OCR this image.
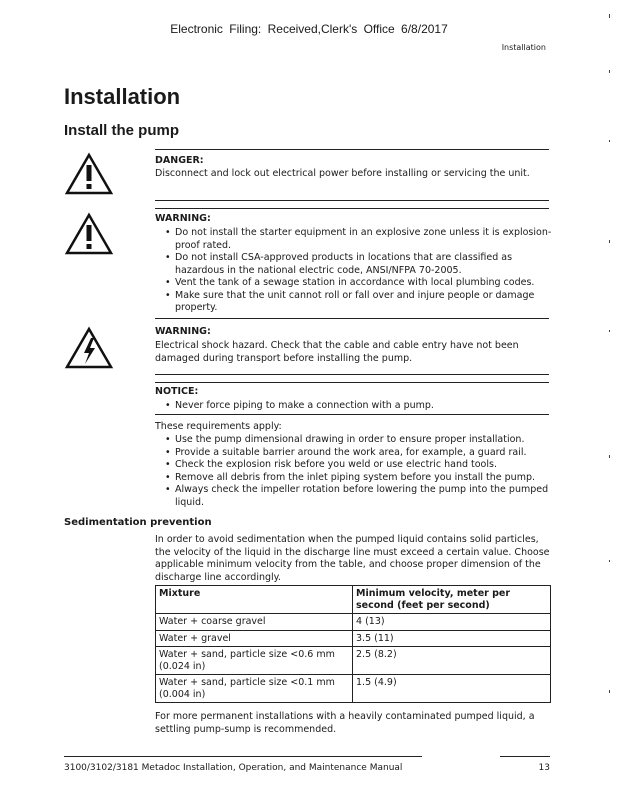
Electronic Filing: Received,Clerk's Office 6/8/2017
Installation
Installation
Install the pump
DANGER:
Disconnect and lock out electrical power before installing or servicing the unit.
WARNING:
• Do not install the starter equipment in an explosive zone unless it is explosion-proof rated.
• Do not install CSA-approved products in locations that are classified as hazardous in the national electric code, ANSI/NFPA 70-2005.
• Vent the tank of a sewage station in accordance with local plumbing codes.
• Make sure that the unit cannot roll or fall over and injure people or damage property.
WARNING:
Electrical shock hazard. Check that the cable and cable entry have not been damaged during transport before installing the pump.
NOTICE:
• Never force piping to make a connection with a pump.
These requirements apply:
• Use the pump dimensional drawing in order to ensure proper installation.
• Provide a suitable barrier around the work area, for example, a guard rail.
• Check the explosion risk before you weld or use electric hand tools.
• Remove all debris from the inlet piping system before you install the pump.
• Always check the impeller rotation before lowering the pump into the pumped liquid.
Sedimentation prevention
In order to avoid sedimentation when the pumped liquid contains solid particles, the velocity of the liquid in the discharge line must exceed a certain value. Choose applicable minimum velocity from the table, and choose proper dimension of the discharge line accordingly.
Mixture	Minimum velocity, meter per second (feet per second)
Water + coarse gravel	4 (13)
Water + gravel	3.5 (11)
Water + sand, particle size <0.6 mm (0.024 in)	2.5 (8.2)
Water + sand, particle size <0.1 mm (0.004 in)	1.5 (4.9)
For more permanent installations with a heavily contaminated pumped liquid, a settling pump-sump is recommended.
3100/3102/3181 Metadoc Installation, Operation, and Maintenance Manual	13
